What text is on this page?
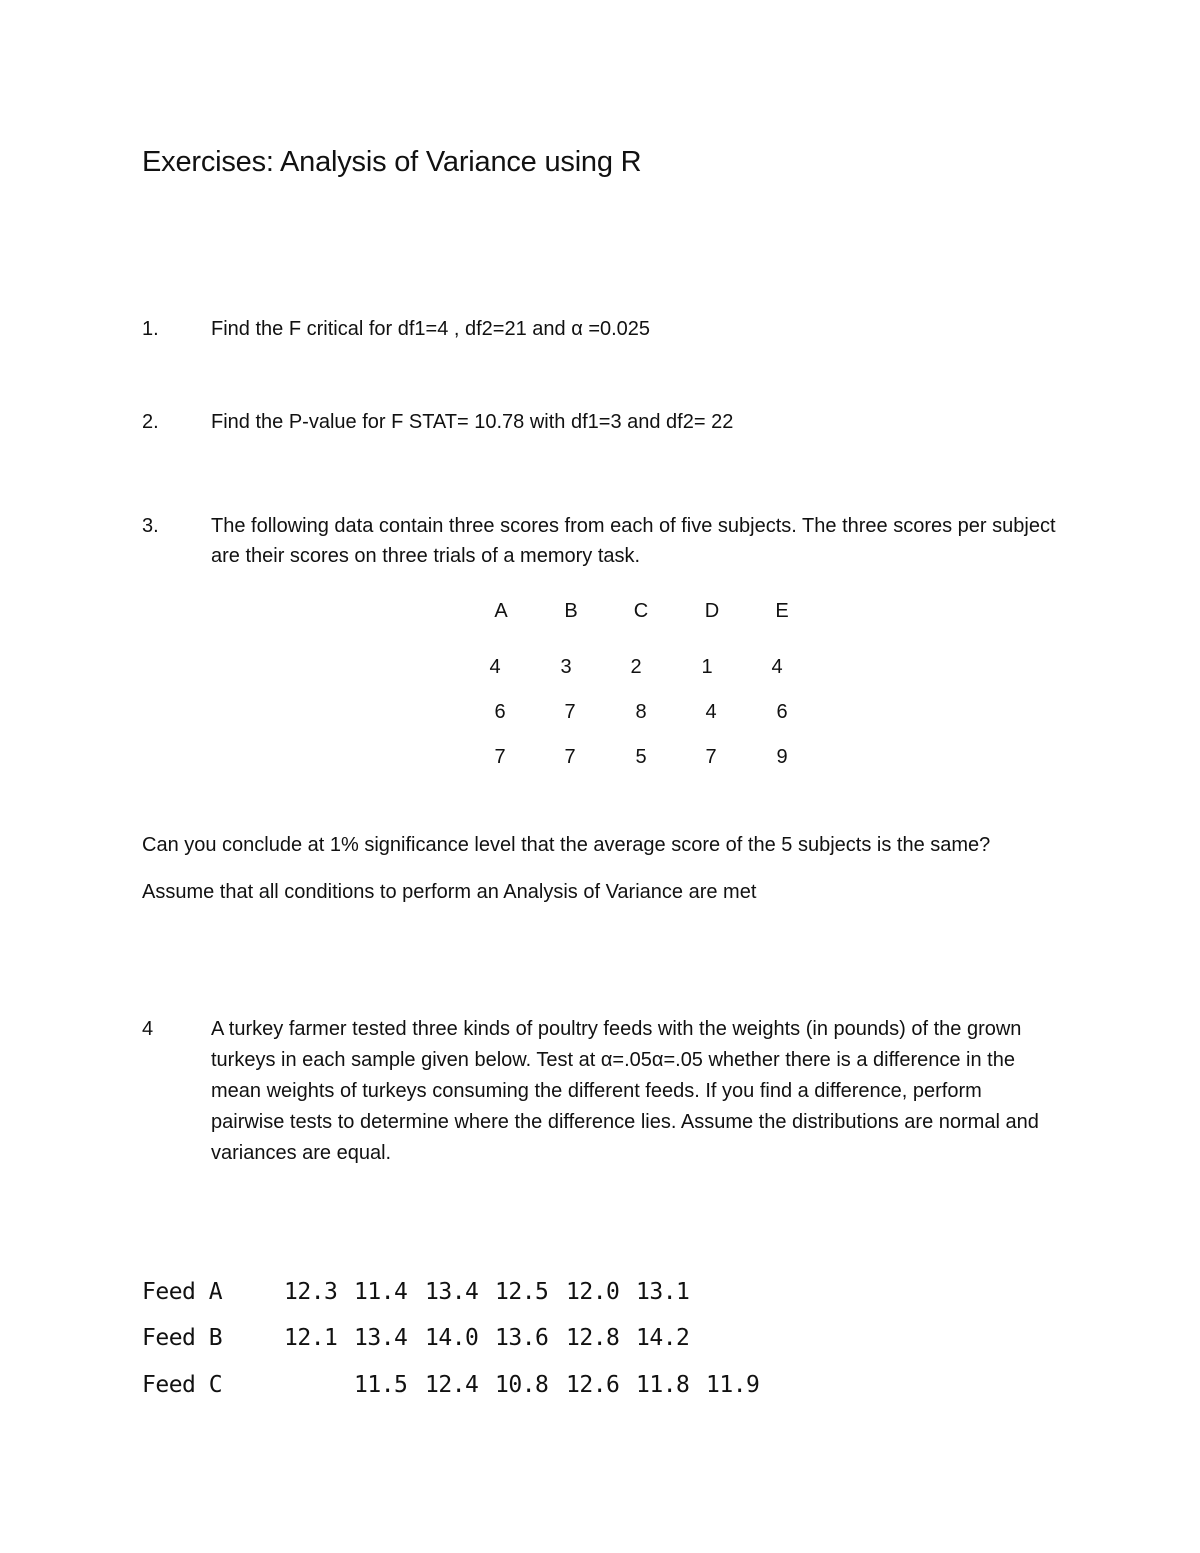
Exercises: Analysis of Variance using R
1.	Find the F critical for df1=4 , df2=21 and α =0.025
2.	Find the P-value for F STAT= 10.78 with df1=3 and df2= 22
3.	The following data contain three scores from each of five subjects. The three scores per subject are their scores on three trials of a memory task.
A	B	C	D	E
4	3	2	1	4
6	7	8	4	6
7	7	5	7	9
Can you conclude at 1% significance level that the average score of the 5 subjects is the same?
Assume that all conditions to perform an Analysis of Variance are met
4	A turkey farmer tested three kinds of poultry feeds with the weights (in pounds) of the grown turkeys in each sample given below. Test at α=.05α=.05 whether there is a difference in the mean weights of turkeys consuming the different feeds. If you find a difference, perform pairwise tests to determine where the difference lies. Assume the distributions are normal and variances are equal.
Feed A	12.3 11.4 13.4 12.5 12.0 13.1
Feed B	12.1 13.4 14.0 13.6 12.8 14.2
Feed C	11.5 12.4 10.8 12.6 11.8 11.9
